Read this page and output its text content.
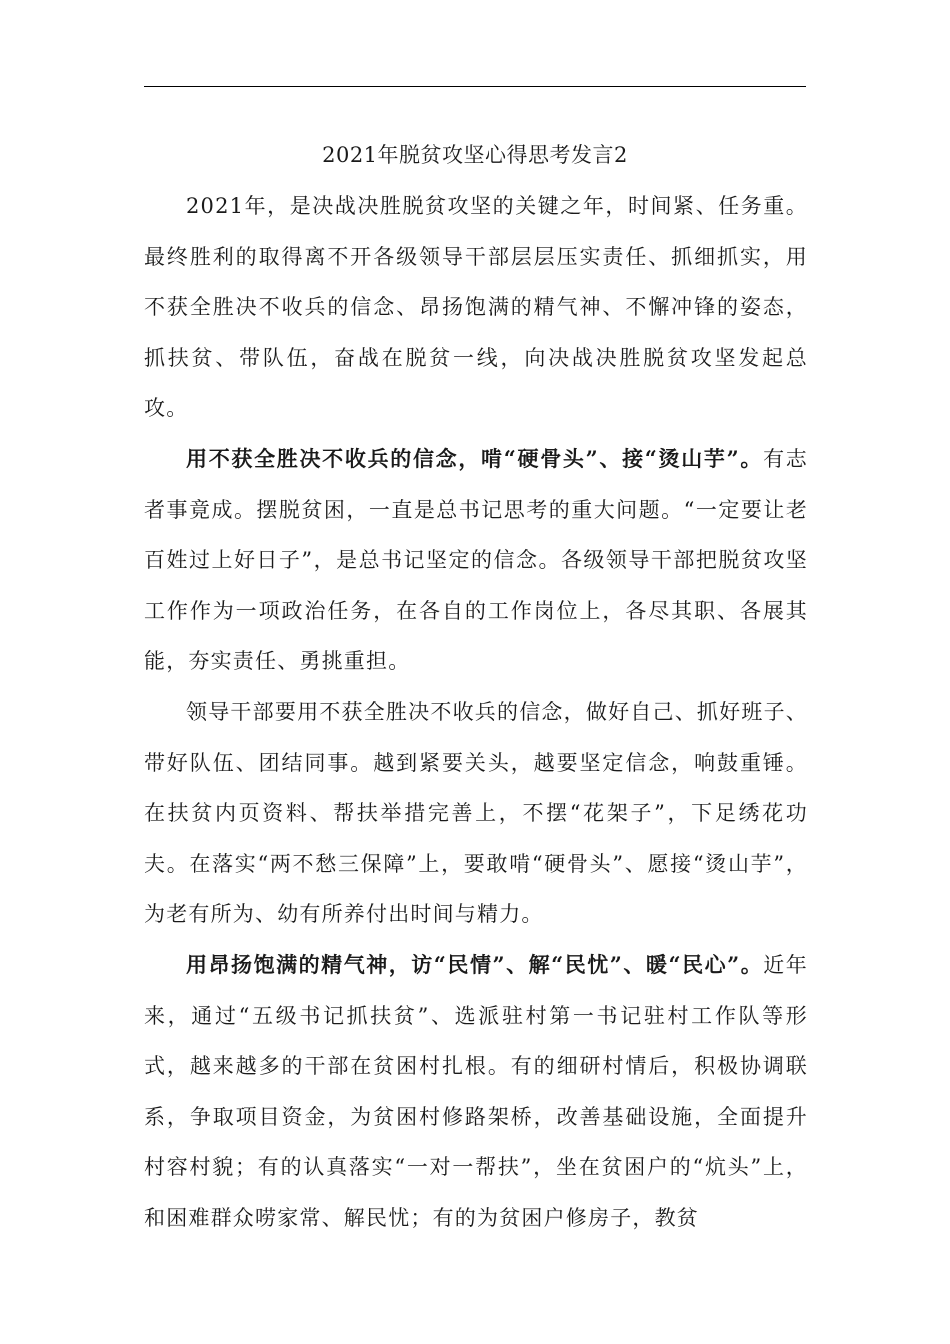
2021年脱贫攻坚心得思考发言2

2021年，是决战决胜脱贫攻坚的关键之年，时间紧、任务重。最终胜利的取得离不开各级领导干部层层压实责任、抓细抓实，用不获全胜决不收兵的信念、昂扬饱满的精气神、不懈冲锋的姿态，抓扶贫、带队伍，奋战在脱贫一线，向决战决胜脱贫攻坚发起总攻。

用不获全胜决不收兵的信念，啃“硬骨头”、接“烫山芋”。有志者事竟成。摆脱贫困，一直是总书记思考的重大问题。“一定要让老百姓过上好日子”，是总书记坚定的信念。各级领导干部把脱贫攻坚工作作为一项政治任务，在各自的工作岗位上，各尽其职、各展其能，夯实责任、勇挑重担。

领导干部要用不获全胜决不收兵的信念，做好自己、抓好班子、带好队伍、团结同事。越到紧要关头，越要坚定信念，响鼓重锤。在扶贫内页资料、帮扶举措完善上，不摆“花架子”，下足绣花功夫。在落实“两不愁三保障”上，要敢啃“硬骨头”、愿接“烫山芋”，为老有所为、幼有所养付出时间与精力。

用昂扬饱满的精气神，访“民情”、解“民忧”、暖“民心”。近年来，通过“五级书记抓扶贫”、选派驻村第一书记驻村工作队等形式，越来越多的干部在贫困村扎根。有的细研村情后，积极协调联系，争取项目资金，为贫困村修路架桥，改善基础设施，全面提升村容村貌；有的认真落实“一对一帮扶”，坐在贫困户的“炕头”上，和困难群众唠家常、解民忧；有的为贫困户修房子，教贫
